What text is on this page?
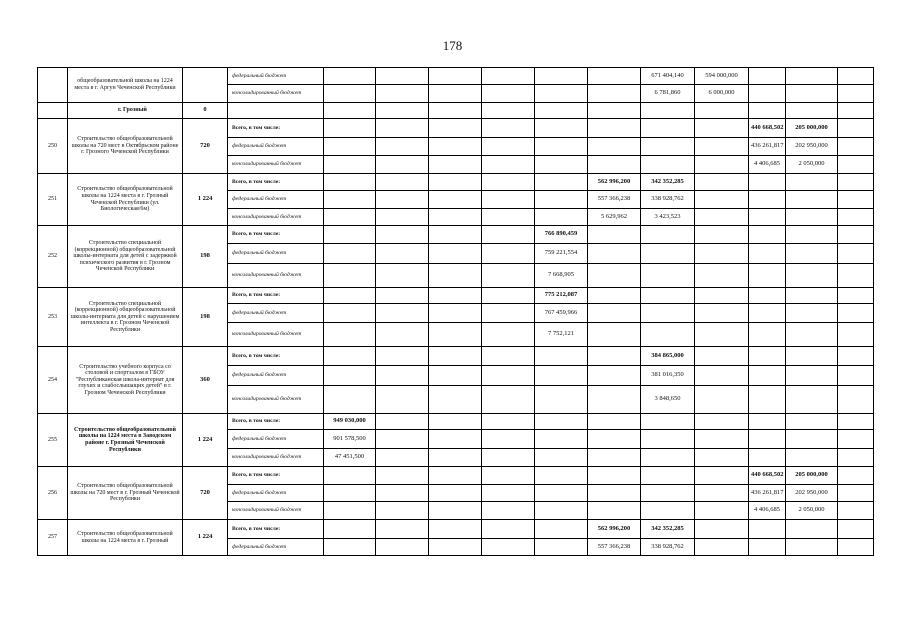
178
	общеобразовательной школы на 1224 места в г. Аргун Чеченской Республики		федеральный бюджет							671 404,140	594 000,000			
			консолидированный бюджет							6 781,860	6 000,000			
	г. Грозный	0												
250	Строительство общеобразовательной школы на 720 мест в Октябрьском районе г. Грозного Чеченской Республики	720	Всего, в том числе:									440 668,502	205 000,000	
			федеральный бюджет									436 261,817	202 950,000	
			консолидированный бюджет									4 406,685	2 050,000	
251	Строительство общеобразовательной школы на 1224 места в г. Грозный Чеченской Республики (ул. Биологическая/6м)	1 224	Всего, в том числе:						562 996,200	342 352,285				
			федеральный бюджет						557 366,238	338 928,762				
			консолидированный бюджет						5 629,962	3 423,523				
252	Строительство специальной (коррекционной) общеобразовательной школы-интерната для детей с задержкой психического развития в г. Грозном Чеченской Республики	198	Всего, в том числе:					766 890,459						
			федеральный бюджет					759 221,554						
			консолидированный бюджет					7 668,905						
253	Строительство специальной (коррекционной) общеобразовательной школы-интерната для детей с нарушением интеллекта в г. Грозном Чеченской Республики	198	Всего, в том числе:					775 212,087						
			федеральный бюджет					767 459,966						
			консолидированный бюджет					7 752,121						
254	Строительство учебного корпуса со столовой и спортзалом в ГБОУ "Республиканская школа-интернат для глухих и слабослышащих детей" в г. Грозном Чеченской Республики	360	Всего, в том числе:							384 865,000				
			федеральный бюджет							381 016,350				
			консолидированный бюджет							3 848,650				
255	Строительство общеобразовательной школы на 1224 места в Заводском районе г. Грозный Чеченской Республики	1 224	Всего, в том числе:	949 030,000										
			федеральный бюджет	901 578,500										
			консолидированный бюджет	47 451,500										
256	Строительство общеобразовательной школы на 720 мест в г. Грозный Чеченской Республики	720	Всего, в том числе:									440 668,502	205 000,000	
			федеральный бюджет									436 261,817	202 950,000	
			консолидированный бюджет									4 406,685	2 050,000	
257	Строительство общеобразовательной школы на 1224 места в г. Грозный	1 224	Всего, в том числе:						562 996,200	342 352,285				
			федеральный бюджет						557 366,238	338 928,762				
